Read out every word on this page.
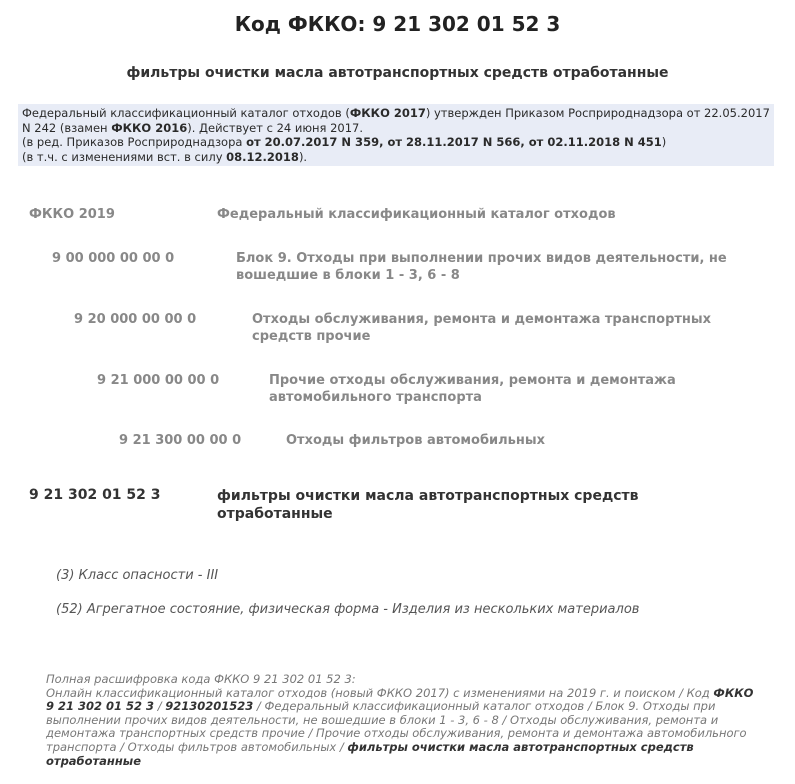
Код ФККО: 9 21 302 01 52 3
фильтры очистки масла автотранспортных средств отработанные
Федеральный классификационный каталог отходов (ФККО 2017) утвержден Приказом Росприроднадзора от 22.05.2017
N 242 (взамен ФККО 2016). Действует с 24 июня 2017.
(в ред. Приказов Росприроднадзора от 20.07.2017 N 359, от 28.11.2017 N 566, от 02.11.2018 N 451)
(в т.ч. с изменениями вст. в силу 08.12.2018).
ФККО 2019	Федеральный классификационный каталог отходов
9 00 000 00 00 0	Блок 9. Отходы при выполнении прочих видов деятельности, не
вошедшие в блоки 1 - 3, 6 - 8
9 20 000 00 00 0	Отходы обслуживания, ремонта и демонтажа транспортных
средств прочие
9 21 000 00 00 0	Прочие отходы обслуживания, ремонта и демонтажа
автомобильного транспорта
9 21 300 00 00 0	Отходы фильтров автомобильных
9 21 302 01 52 3	фильтры очистки масла автотранспортных средств
отработанные
(3) Класс опасности - III
(52) Агрегатное состояние, физическая форма - Изделия из нескольких материалов
Полная расшифровка кода ФККО 9 21 302 01 52 3:
Онлайн классификационный каталог отходов (новый ФККО 2017) с изменениями на 2019 г. и поиском / Код ФККО
9 21 302 01 52 3 / 92130201523 / Федеральный классификационный каталог отходов / Блок 9. Отходы при
выполнении прочих видов деятельности, не вошедшие в блоки 1 - 3, 6 - 8 / Отходы обслуживания, ремонта и
демонтажа транспортных средств прочие / Прочие отходы обслуживания, ремонта и демонтажа автомобильного
транспорта / Отходы фильтров автомобильных / фильтры очистки масла автотранспортных средств
отработанные
